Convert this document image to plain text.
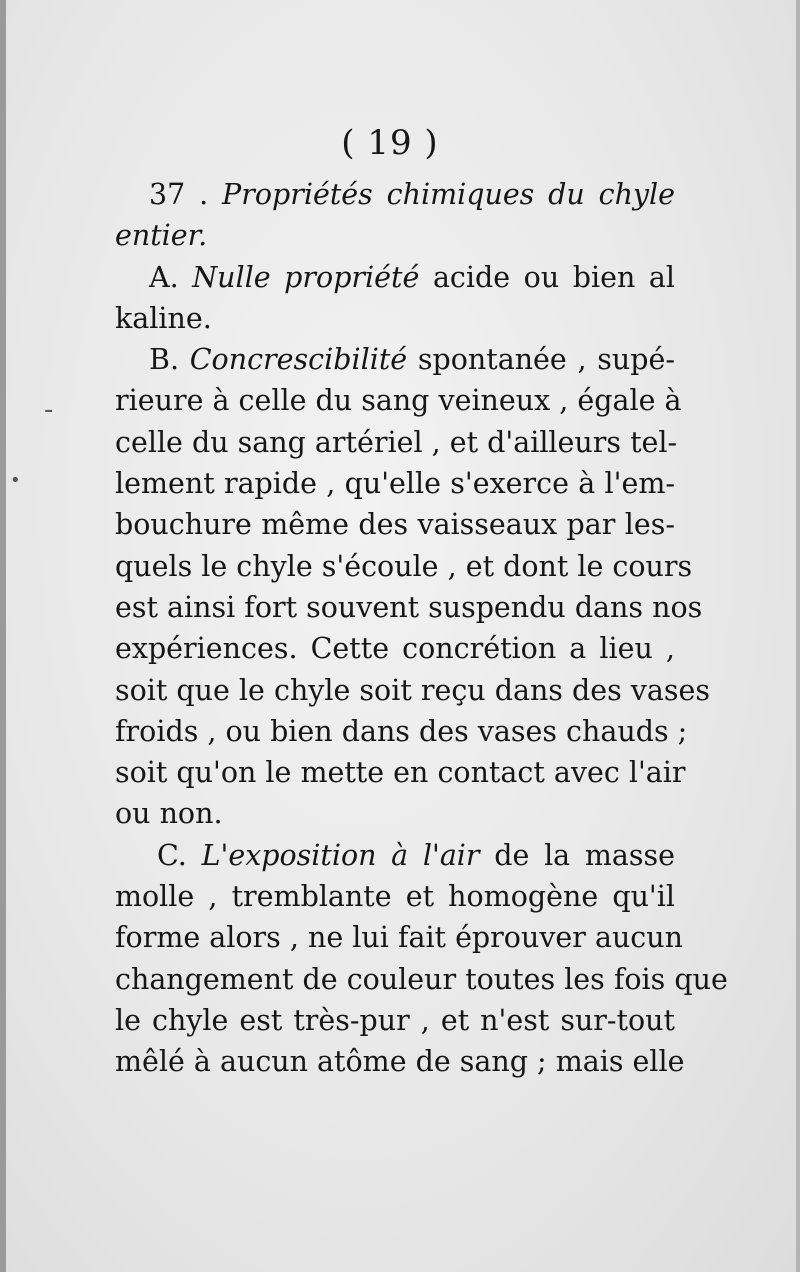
-
•
( 19 )
37 . Propriétés chimiques du chyle
entier.
A. Nulle propriété acide ou bien al
kaline.
B. Concrescibilité spontanée , supé-
rieure à celle du sang veineux , égale à
celle du sang artériel , et d'ailleurs tel-
lement rapide , qu'elle s'exerce à l'em-
bouchure même des vaisseaux par les-
quels le chyle s'écoule , et dont le cours
est ainsi fort souvent suspendu dans nos
expériences. Cette concrétion a lieu ,
soit que le chyle soit reçu dans des vases
froids , ou bien dans des vases chauds ;
soit qu'on le mette en contact avec l'air
ou non.
C. L'exposition à l'air de la masse
molle , tremblante et homogène qu'il
forme alors , ne lui fait éprouver aucun
changement de couleur toutes les fois que
le chyle est très-pur , et n'est sur-tout
mêlé à aucun atôme de sang ; mais elle
